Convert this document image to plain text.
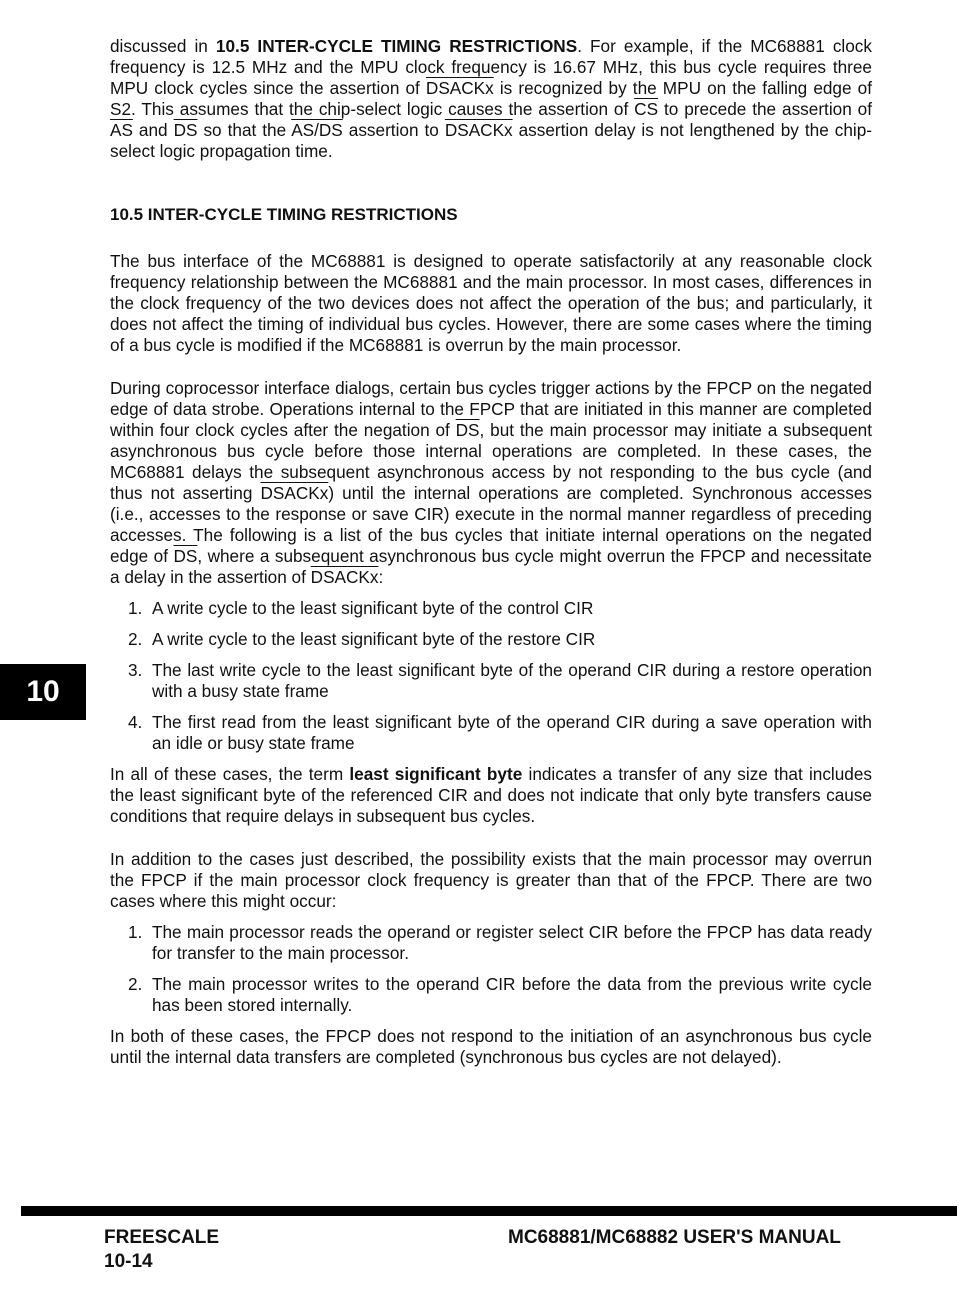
discussed in 10.5 INTER-CYCLE TIMING RESTRICTIONS. For example, if the MC68881 clock frequency is 12.5 MHz and the MPU clock frequency is 16.67 MHz, this bus cycle requires three MPU clock cycles since the assertion of DSACKx is recognized by the MPU on the falling edge of S2. This assumes that the chip-select logic causes the assertion of $\overline{CS}$ to precede the assertion of $\overline{AS}$ and $\overline{DS}$ so that the AS/DS assertion to DSACKx assertion delay is not lengthened by the chip-select logic propagation time.

10.5 INTER-CYCLE TIMING RESTRICTIONS

The bus interface of the MC68881 is designed to operate satisfactorily at any reasonable clock frequency relationship between the MC68881 and the main processor. In most cases, differences in the clock frequency of the two devices does not affect the operation of the bus; and particularly, it does not affect the timing of individual bus cycles. However, there are some cases where the timing of a bus cycle is modified if the MC68881 is overrun by the main processor.

During coprocessor interface dialogs, certain bus cycles trigger actions by the FPCP on the negated edge of data strobe. Operations internal to the FPCP that are initiated in this manner are completed within four clock cycles after the negation of $\overline{DS}$, but the main processor may initiate a subsequent asynchronous bus cycle before those internal operations are completed. In these cases, the MC68881 delays the subsequent asynchronous access by not responding to the bus cycle (and thus not asserting DSACKx) until the internal operations are completed. Synchronous accesses (i.e., accesses to the response or save CIR) execute in the normal manner regardless of preceding accesses. The following is a list of the bus cycles that initiate internal operations on the negated edge of $\overline{DS}$, where a subsequent asynchronous bus cycle might overrun the FPCP and necessitate a delay in the assertion of DSACKx:

1. A write cycle to the least significant byte of the control CIR
2. A write cycle to the least significant byte of the restore CIR
3. The last write cycle to the least significant byte of the operand CIR during a restore operation with a busy state frame
4. The first read from the least significant byte of the operand CIR during a save operation with an idle or busy state frame

In all of these cases, the term least significant byte indicates a transfer of any size that includes the least significant byte of the referenced CIR and does not indicate that only byte transfers cause conditions that require delays in subsequent bus cycles.

In addition to the cases just described, the possibility exists that the main processor may overrun the FPCP if the main processor clock frequency is greater than that of the FPCP. There are two cases where this might occur:

1. The main processor reads the operand or register select CIR before the FPCP has data ready for transfer to the main processor.
2. The main processor writes to the operand CIR before the data from the previous write cycle has been stored internally.

In both of these cases, the FPCP does not respond to the initiation of an asynchronous bus cycle until the internal data transfers are completed (synchronous bus cycles are not delayed).

10
FREESCALE
10-14
MC68881/MC68882 USER'S MANUAL
